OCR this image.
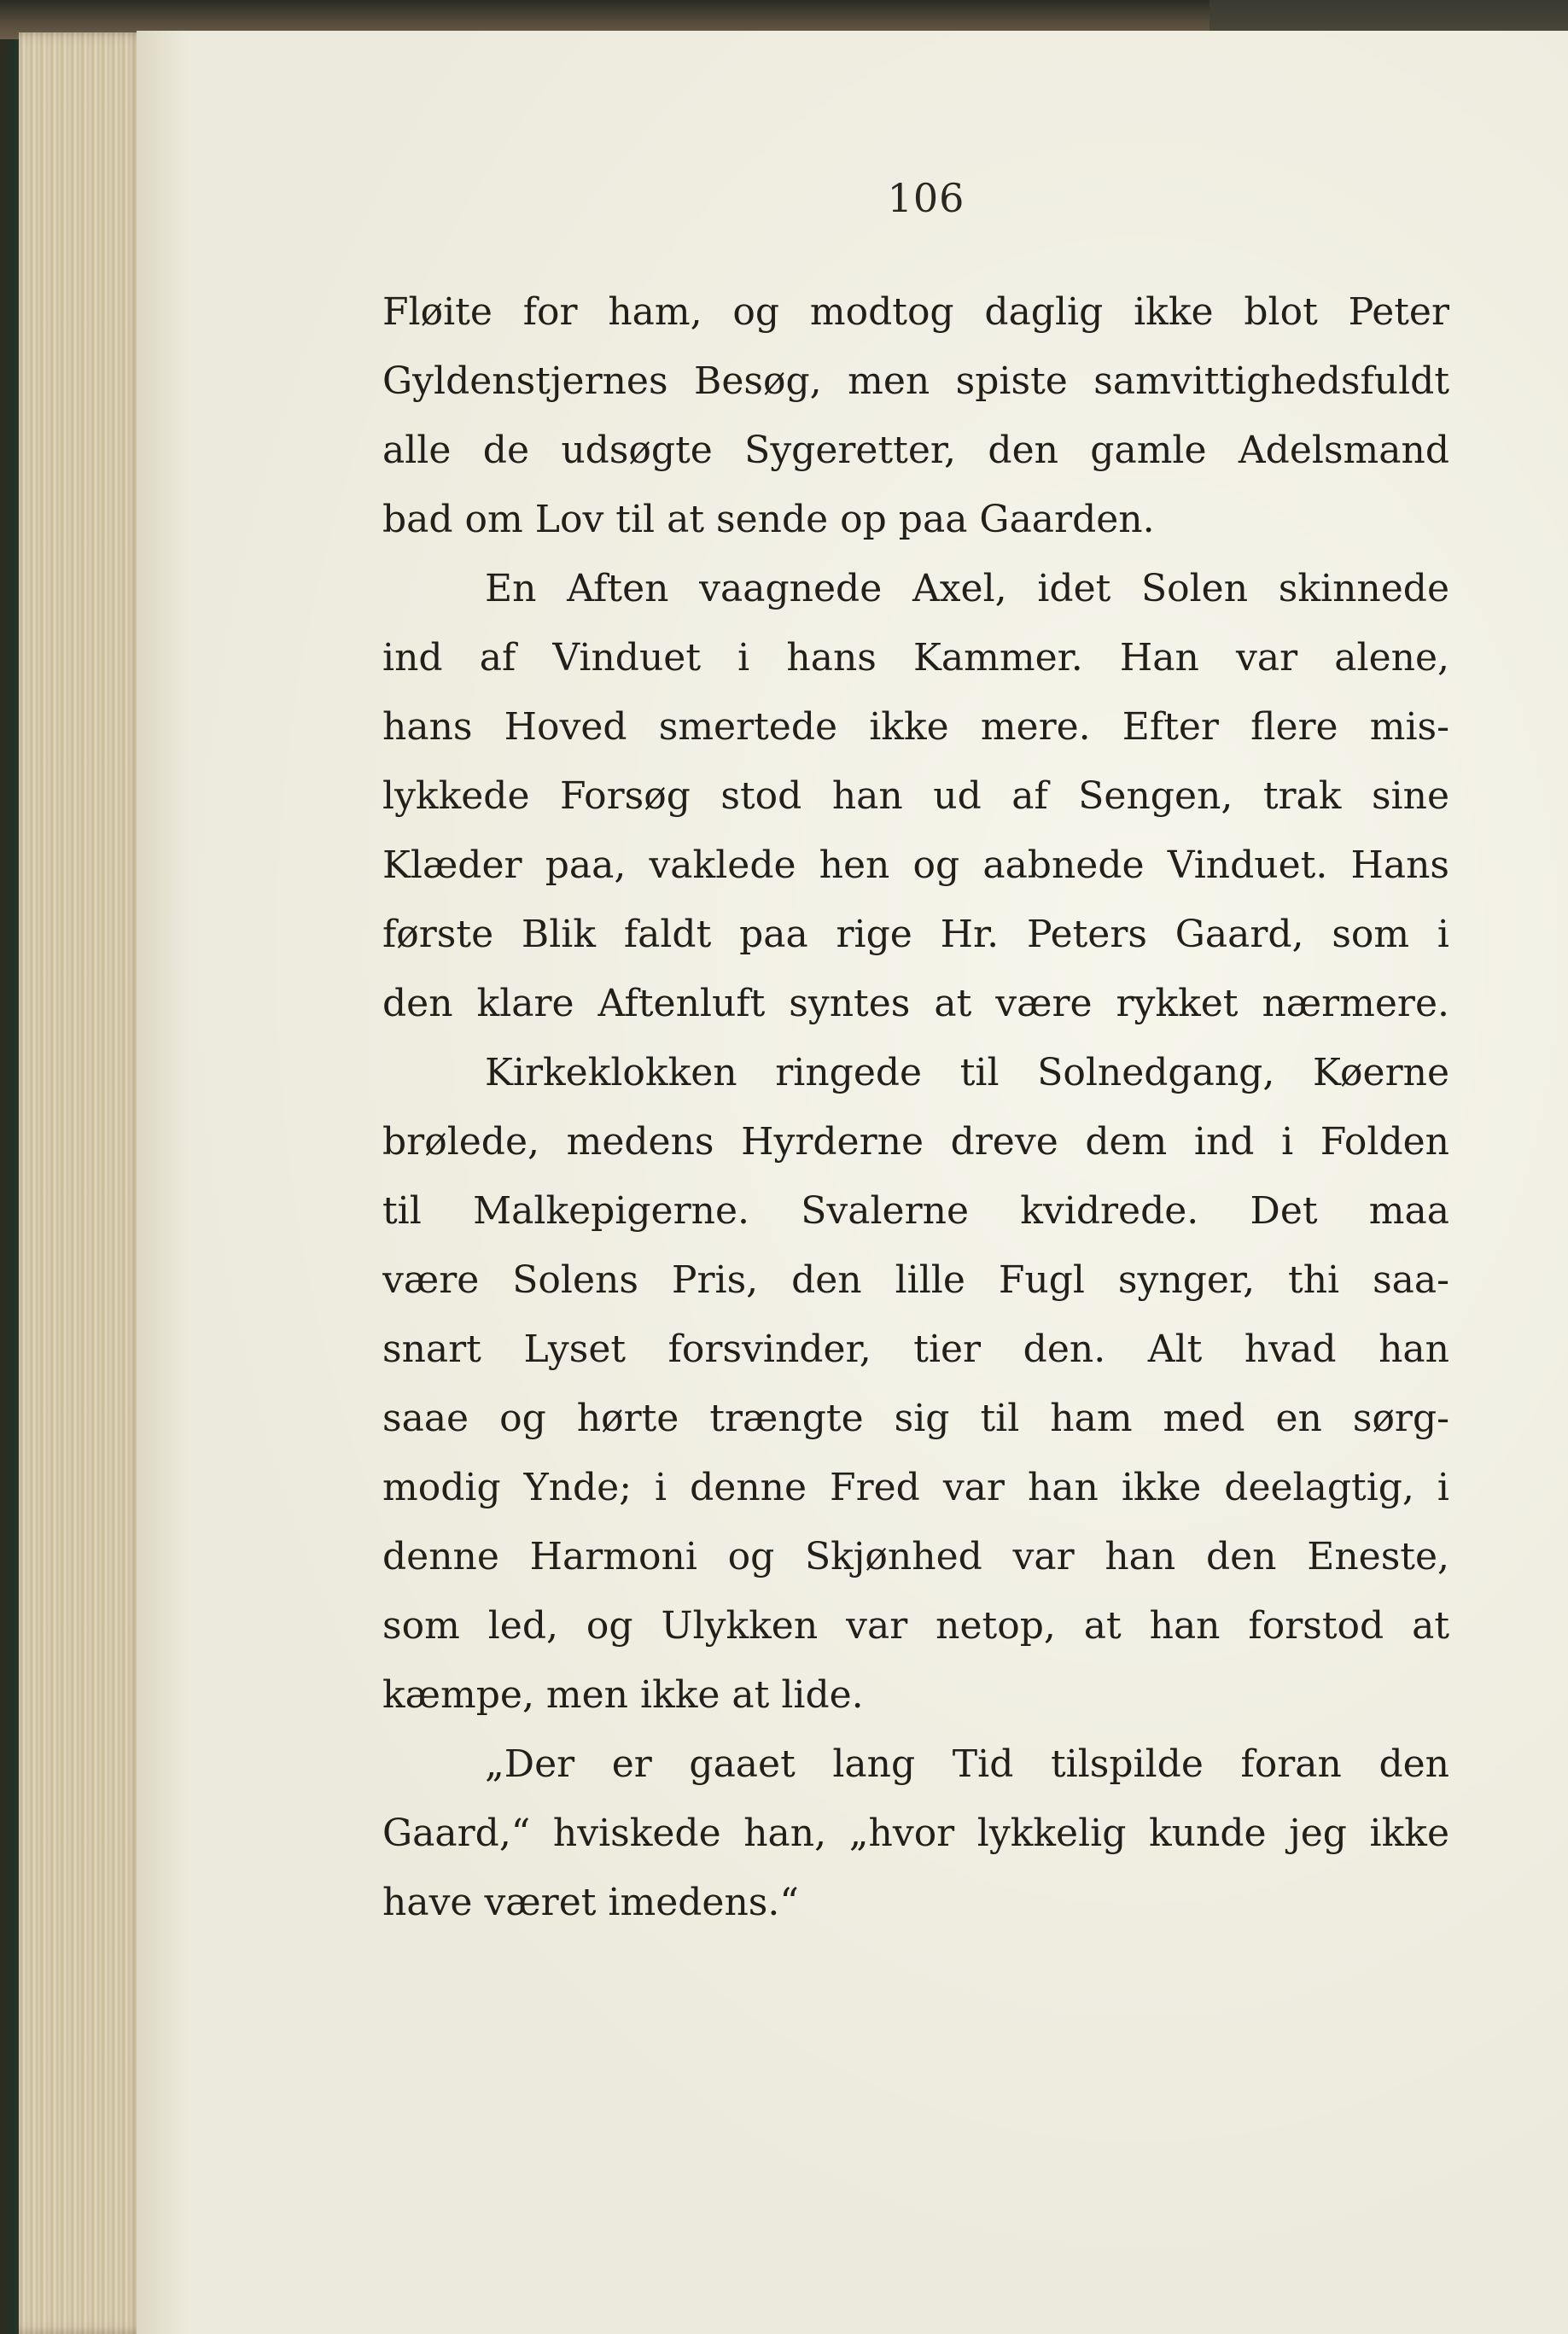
106
Fløite for ham, og modtog daglig ikke blot Peter
Gyldenstjernes Besøg, men spiste samvittighedsfuldt
alle de udsøgte Sygeretter, den gamle Adelsmand
bad om Lov til at sende op paa Gaarden.
En Aften vaagnede Axel, idet Solen skinnede
ind af Vinduet i hans Kammer. Han var alene,
hans Hoved smertede ikke mere. Efter flere mis-
lykkede Forsøg stod han ud af Sengen, trak sine
Klæder paa, vaklede hen og aabnede Vinduet. Hans
første Blik faldt paa rige Hr. Peters Gaard, som i
den klare Aftenluft syntes at være rykket nærmere.
Kirkeklokken ringede til Solnedgang, Køerne
brølede, medens Hyrderne dreve dem ind i Folden
til Malkepigerne. Svalerne kvidrede. Det maa
være Solens Pris, den lille Fugl synger, thi saa-
snart Lyset forsvinder, tier den. Alt hvad han
saae og hørte trængte sig til ham med en sørg-
modig Ynde; i denne Fred var han ikke deelagtig, i
denne Harmoni og Skjønhed var han den Eneste,
som led, og Ulykken var netop, at han forstod at
kæmpe, men ikke at lide.
„Der er gaaet lang Tid tilspilde foran den
Gaard,“ hviskede han, „hvor lykkelig kunde jeg ikke
have været imedens.“
